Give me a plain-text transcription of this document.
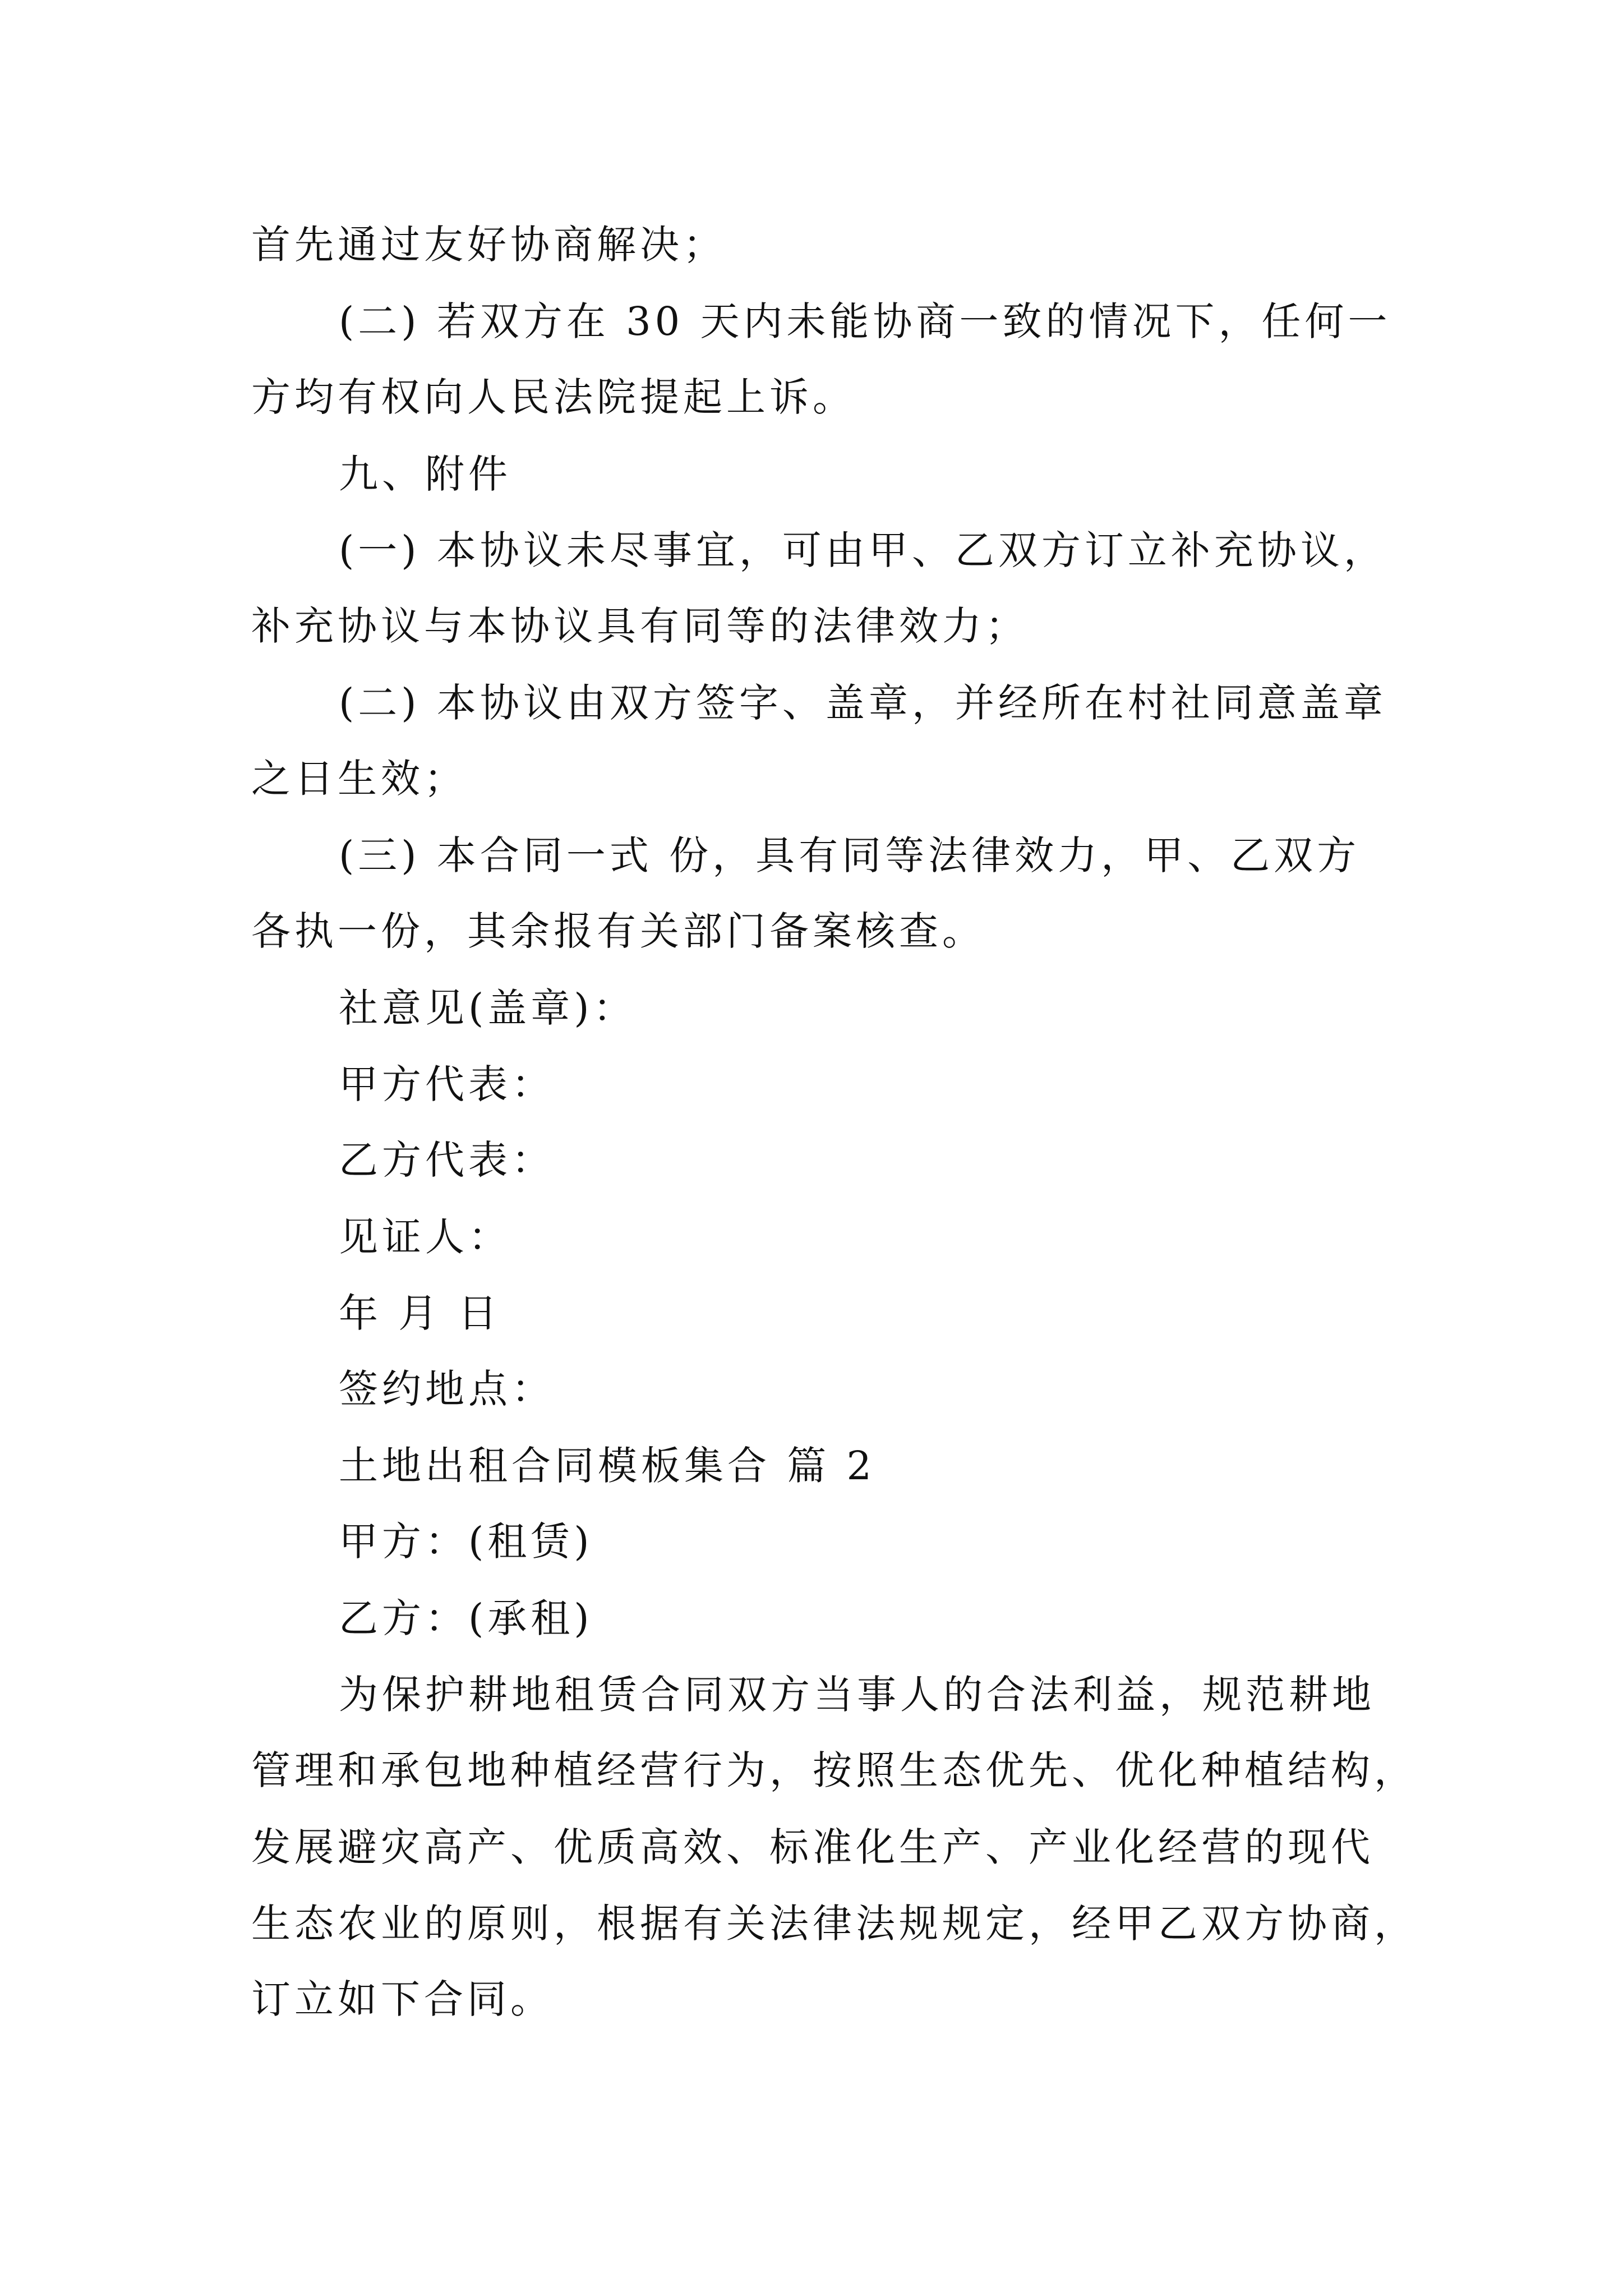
首先通过友好协商解决；
(二) 若双方在 30 天内未能协商一致的情况下，任何一
方均有权向人民法院提起上诉。
九、附件
(一) 本协议未尽事宜，可由甲、乙双方订立补充协议，
补充协议与本协议具有同等的法律效力；
(二) 本协议由双方签字、盖章，并经所在村社同意盖章
之日生效；
(三) 本合同一式 份，具有同等法律效力，甲、乙双方
各执一份，其余报有关部门备案核查。
社意见(盖章)：
甲方代表：
乙方代表：
见证人：
年 月 日
签约地点：
土地出租合同模板集合 篇 2
甲方：(租赁)
乙方：(承租)
为保护耕地租赁合同双方当事人的合法利益，规范耕地
管理和承包地种植经营行为，按照生态优先、优化种植结构，
发展避灾高产、优质高效、标准化生产、产业化经营的现代
生态农业的原则，根据有关法律法规规定，经甲乙双方协商，
订立如下合同。
